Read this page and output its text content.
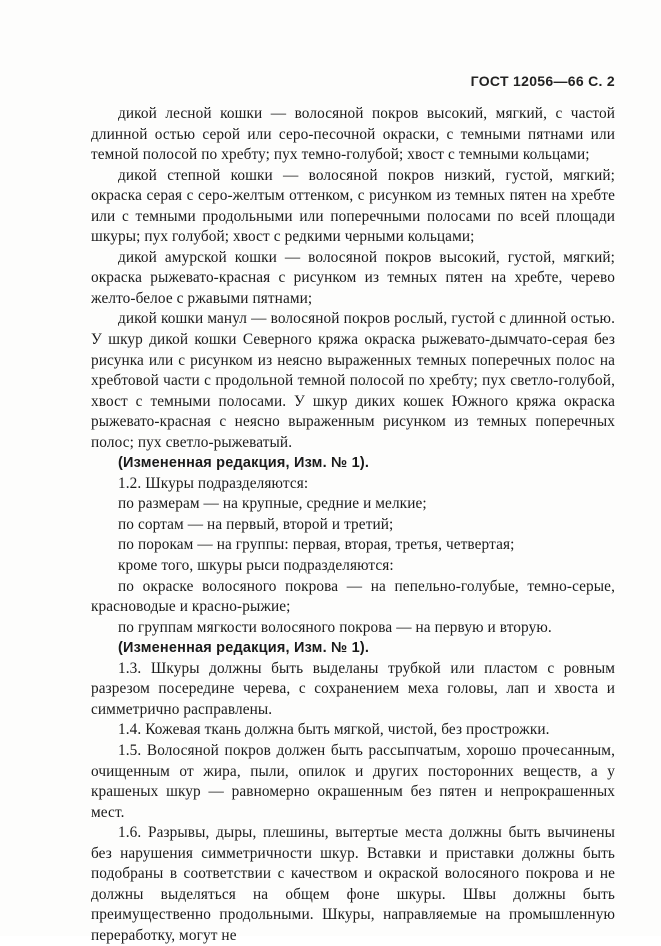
ГОСТ 12056—66 С. 2

дикой лесной кошки — волосяной покров высокий, мягкий, с частой длинной остью серой или серо-песочной окраски, с темными пятнами или темной полосой по хребту; пух темно-голубой; хвост с темными кольцами;

дикой степной кошки — волосяной покров низкий, густой, мягкий; окраска серая с серо-желтым оттенком, с рисунком из темных пятен на хребте или с темными продольными или поперечными полосами по всей площади шкуры; пух голубой; хвост с редкими черными кольцами;

дикой амурской кошки — волосяной покров высокий, густой, мягкий; окраска рыжевато-красная с рисунком из темных пятен на хребте, черево желто-белое с ржавыми пятнами;

дикой кошки манул — волосяной покров рослый, густой с длинной остью. У шкур дикой кошки Северного кряжа окраска рыжевато-дымчато-серая без рисунка или с рисунком из неясно выраженных темных поперечных полос на хребтовой части с продольной темной полосой по хребту; пух светло-голубой, хвост с темными полосами. У шкур диких кошек Южного кряжа окраска рыжевато-красная с неясно выраженным рисунком из темных поперечных полос; пух светло-рыжеватый.

(Измененная редакция, Изм. № 1).

1.2. Шкуры подразделяются:

по размерам — на крупные, средние и мелкие;

по сортам — на первый, второй и третий;

по порокам — на группы: первая, вторая, третья, четвертая;

кроме того, шкуры рыси подразделяются:

по окраске волосяного покрова — на пепельно-голубые, темно-серые, красноводые и красно-рыжие;

по группам мягкости волосяного покрова — на первую и вторую.

(Измененная редакция, Изм. № 1).

1.3. Шкуры должны быть выделаны трубкой или пластом с ровным разрезом посередине черева, с сохранением меха головы, лап и хвоста и симметрично расправлены.

1.4. Кожевая ткань должна быть мягкой, чистой, без прострожки.

1.5. Волосяной покров должен быть рассыпчатым, хорошо прочесанным, очищенным от жира, пыли, опилок и других посторонних веществ, а у крашеных шкур — равномерно окрашенным без пятен и непрокрашенных мест.

1.6. Разрывы, дыры, плешины, вытертые места должны быть вычинены без нарушения симметричности шкур. Вставки и приставки должны быть подобраны в соответствии с качеством и окраской волосяного покрова и не должны выделяться на общем фоне шкуры. Швы должны быть преимущественно продольными. Шкуры, направляемые на промышленную переработку, могут не
